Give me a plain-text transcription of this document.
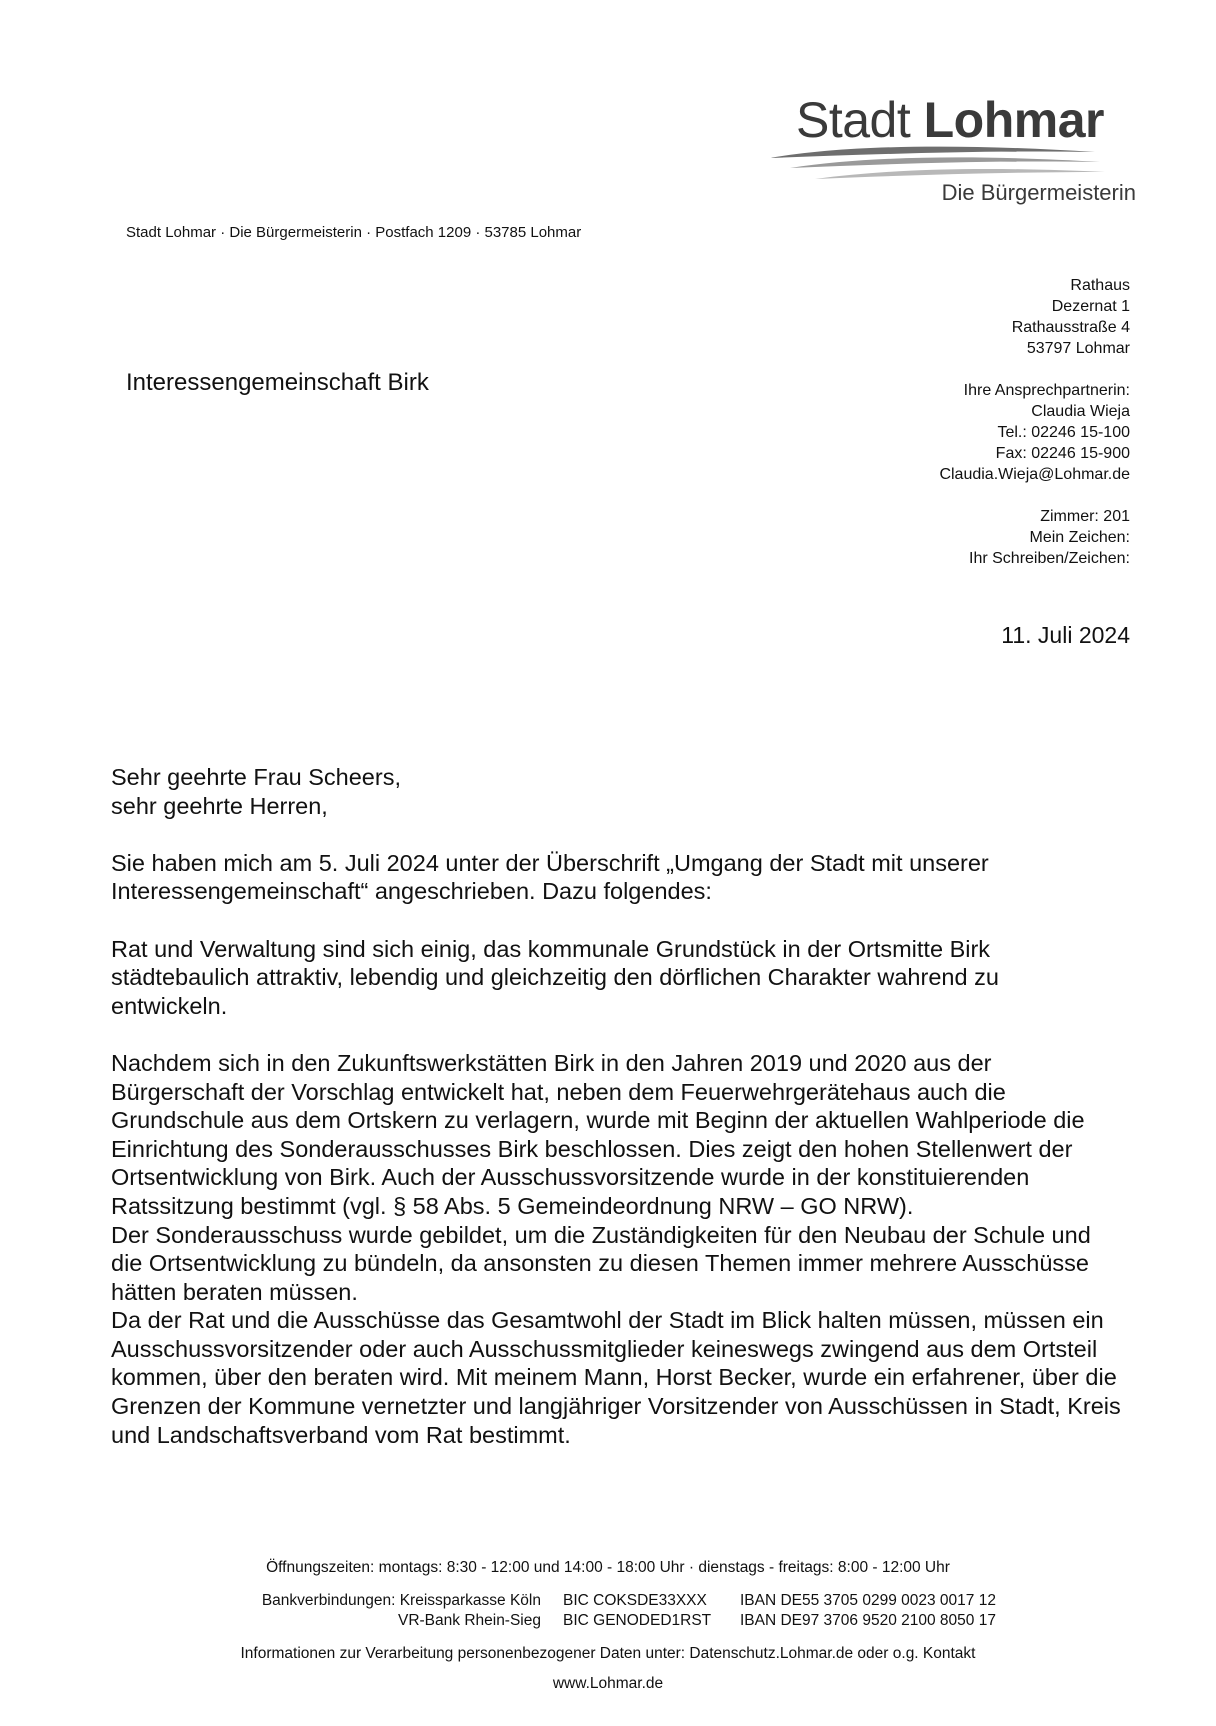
Stadt Lohmar
Die Bürgermeisterin
Stadt Lohmar · Die Bürgermeisterin · Postfach 1209 · 53785 Lohmar
Interessengemeinschaft Birk
Rathaus
Dezernat 1
Rathausstraße 4
53797 Lohmar
Ihre Ansprechpartnerin:
Claudia Wieja
Tel.: 02246 15-100
Fax: 02246 15-900
Claudia.Wieja@Lohmar.de
Zimmer: 201
Mein Zeichen:
Ihr Schreiben/Zeichen:
11. Juli 2024

Sehr geehrte Frau Scheers,

sehr geehrte Herren,

Sie haben mich am 5. Juli 2024 unter der Überschrift „Umgang der Stadt mit unserer Interessengemeinschaft“ angeschrieben. Dazu folgendes:

Rat und Verwaltung sind sich einig, das kommunale Grundstück in der Ortsmitte Birk städtebaulich attraktiv, lebendig und gleichzeitig den dörflichen Charakter wahrend zu entwickeln.

Nachdem sich in den Zukunftswerkstätten Birk in den Jahren 2019 und 2020 aus der Bürgerschaft der Vorschlag entwickelt hat, neben dem Feuerwehrgerätehaus auch die Grundschule aus dem Ortskern zu verlagern, wurde mit Beginn der aktuellen Wahlperiode die Einrichtung des Sonderausschusses Birk beschlossen. Dies zeigt den hohen Stellenwert der Ortsentwicklung von Birk. Auch der Ausschussvorsitzende wurde in der konstituierenden Ratssitzung bestimmt (vgl. § 58 Abs. 5 Gemeindeordnung NRW – GO NRW).

Der Sonderausschuss wurde gebildet, um die Zuständigkeiten für den Neubau der Schule und die Ortsentwicklung zu bündeln, da ansonsten zu diesen Themen immer mehrere Ausschüsse hätten beraten müssen.

Da der Rat und die Ausschüsse das Gesamtwohl der Stadt im Blick halten müssen, müssen ein Ausschussvorsitzender oder auch Ausschussmitglieder keineswegs zwingend aus dem Ortsteil kommen, über den beraten wird. Mit meinem Mann, Horst Becker, wurde ein erfahrener, über die Grenzen der Kommune vernetzter und langjähriger Vorsitzender von Ausschüssen in Stadt, Kreis und Landschaftsverband vom Rat bestimmt.

Öffnungszeiten: montags: 8:30 - 12:00 und 14:00 - 18:00 Uhr · dienstags - freitags: 8:00 - 12:00 Uhr
Bankverbindungen: Kreissparkasse Köln
VR-Bank Rhein-Sieg
BIC COKSDE33XXX
BIC GENODED1RST
IBAN DE55 3705 0299 0023 0017 12
IBAN DE97 3706 9520 2100 8050 17
Informationen zur Verarbeitung personenbezogener Daten unter: Datenschutz.Lohmar.de oder o.g. Kontakt
www.Lohmar.de
